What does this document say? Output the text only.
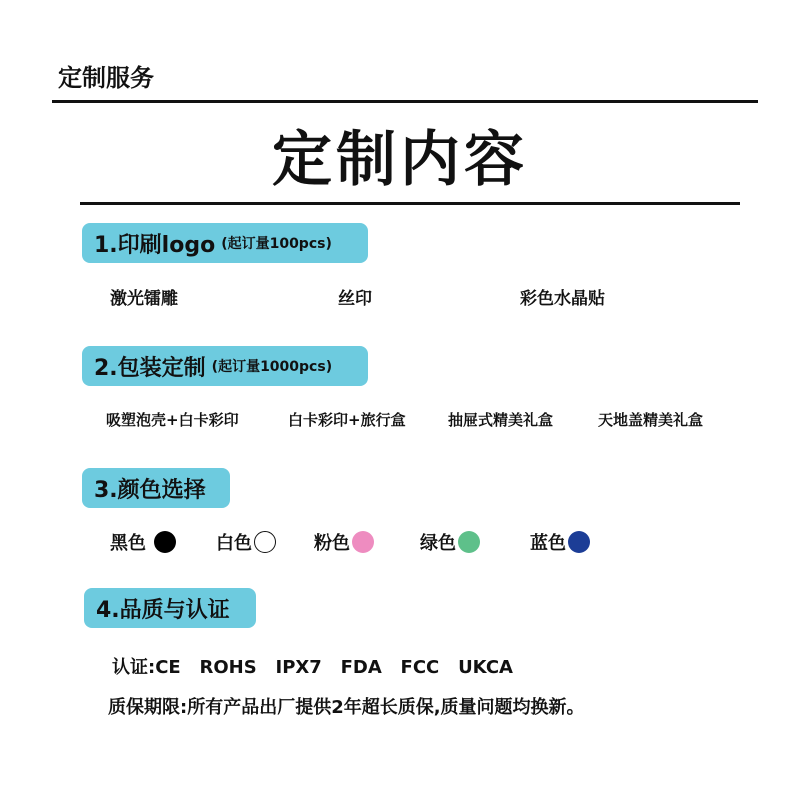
定制服务
定制内容
1.印刷logo (起订量100pcs)
激光镭雕	丝印	彩色水晶贴
2.包装定制 (起订量1000pcs)
吸塑泡壳+白卡彩印	白卡彩印+旅行盒	抽屉式精美礼盒	天地盖精美礼盒
3.颜色选择
黑色	白色	粉色	绿色	蓝色
4.品质与认证
认证:CE   ROHS   IPX7   FDA   FCC   UKCA
质保期限:所有产品出厂提供2年超长质保,质量问题均换新。
